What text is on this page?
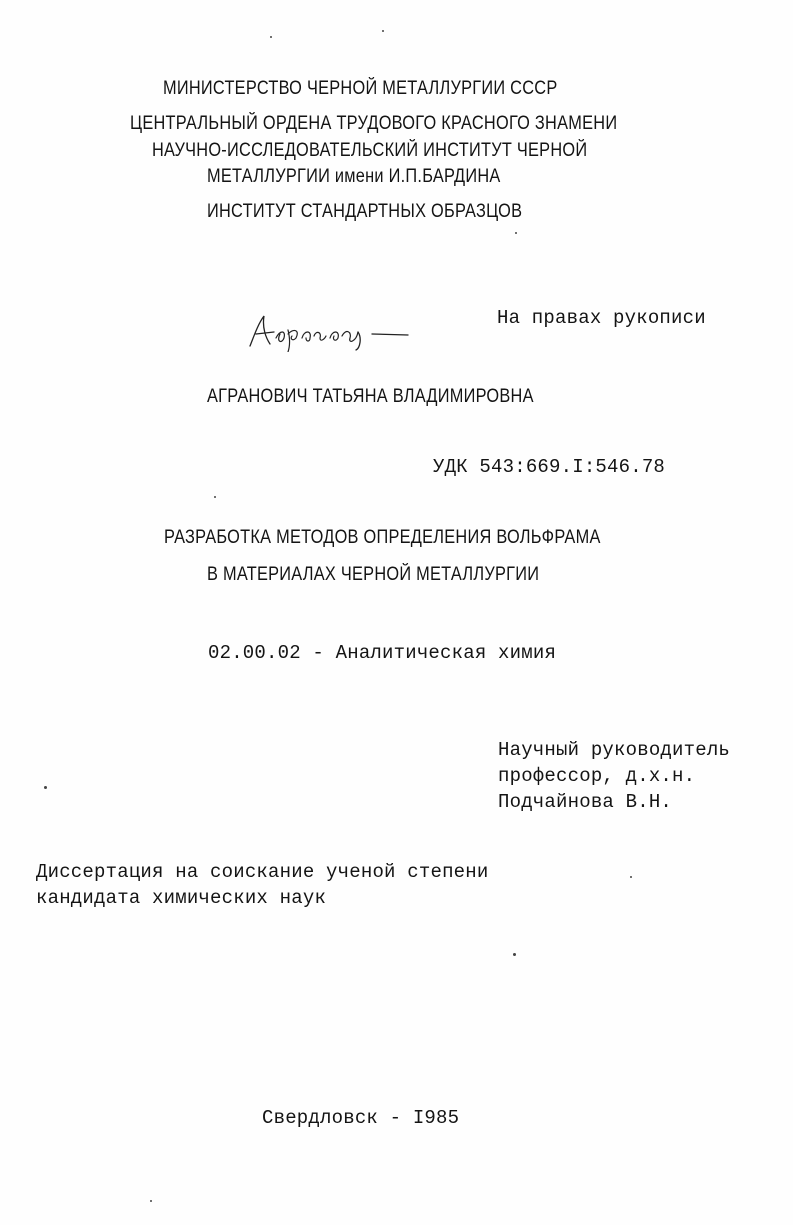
МИНИСТЕРСТВО ЧЕРНОЙ МЕТАЛЛУРГИИ СССР
ЦЕНТРАЛЬНЫЙ ОРДЕНА ТРУДОВОГО КРАСНОГО ЗНАМЕНИ
НАУЧНО-ИССЛЕДОВАТЕЛЬСКИЙ ИНСТИТУТ ЧЕРНОЙ
МЕТАЛЛУРГИИ имени И.П.БАРДИНА
ИНСТИТУТ СТАНДАРТНЫХ ОБРАЗЦОВ
На правах рукописи
АГРАНОВИЧ ТАТЬЯНА ВЛАДИМИРОВНА
УДК 543:669.I:546.78
РАЗРАБОТКА МЕТОДОВ ОПРЕДЕЛЕНИЯ ВОЛЬФРАМА
В МАТЕРИАЛАХ ЧЕРНОЙ МЕТАЛЛУРГИИ
02.00.02 - Аналитическая химия
Научный руководитель
профессор, д.х.н.
Подчайнова В.Н.
Диссертация на соискание ученой степени
кандидата химических наук
Свердловск - I985
